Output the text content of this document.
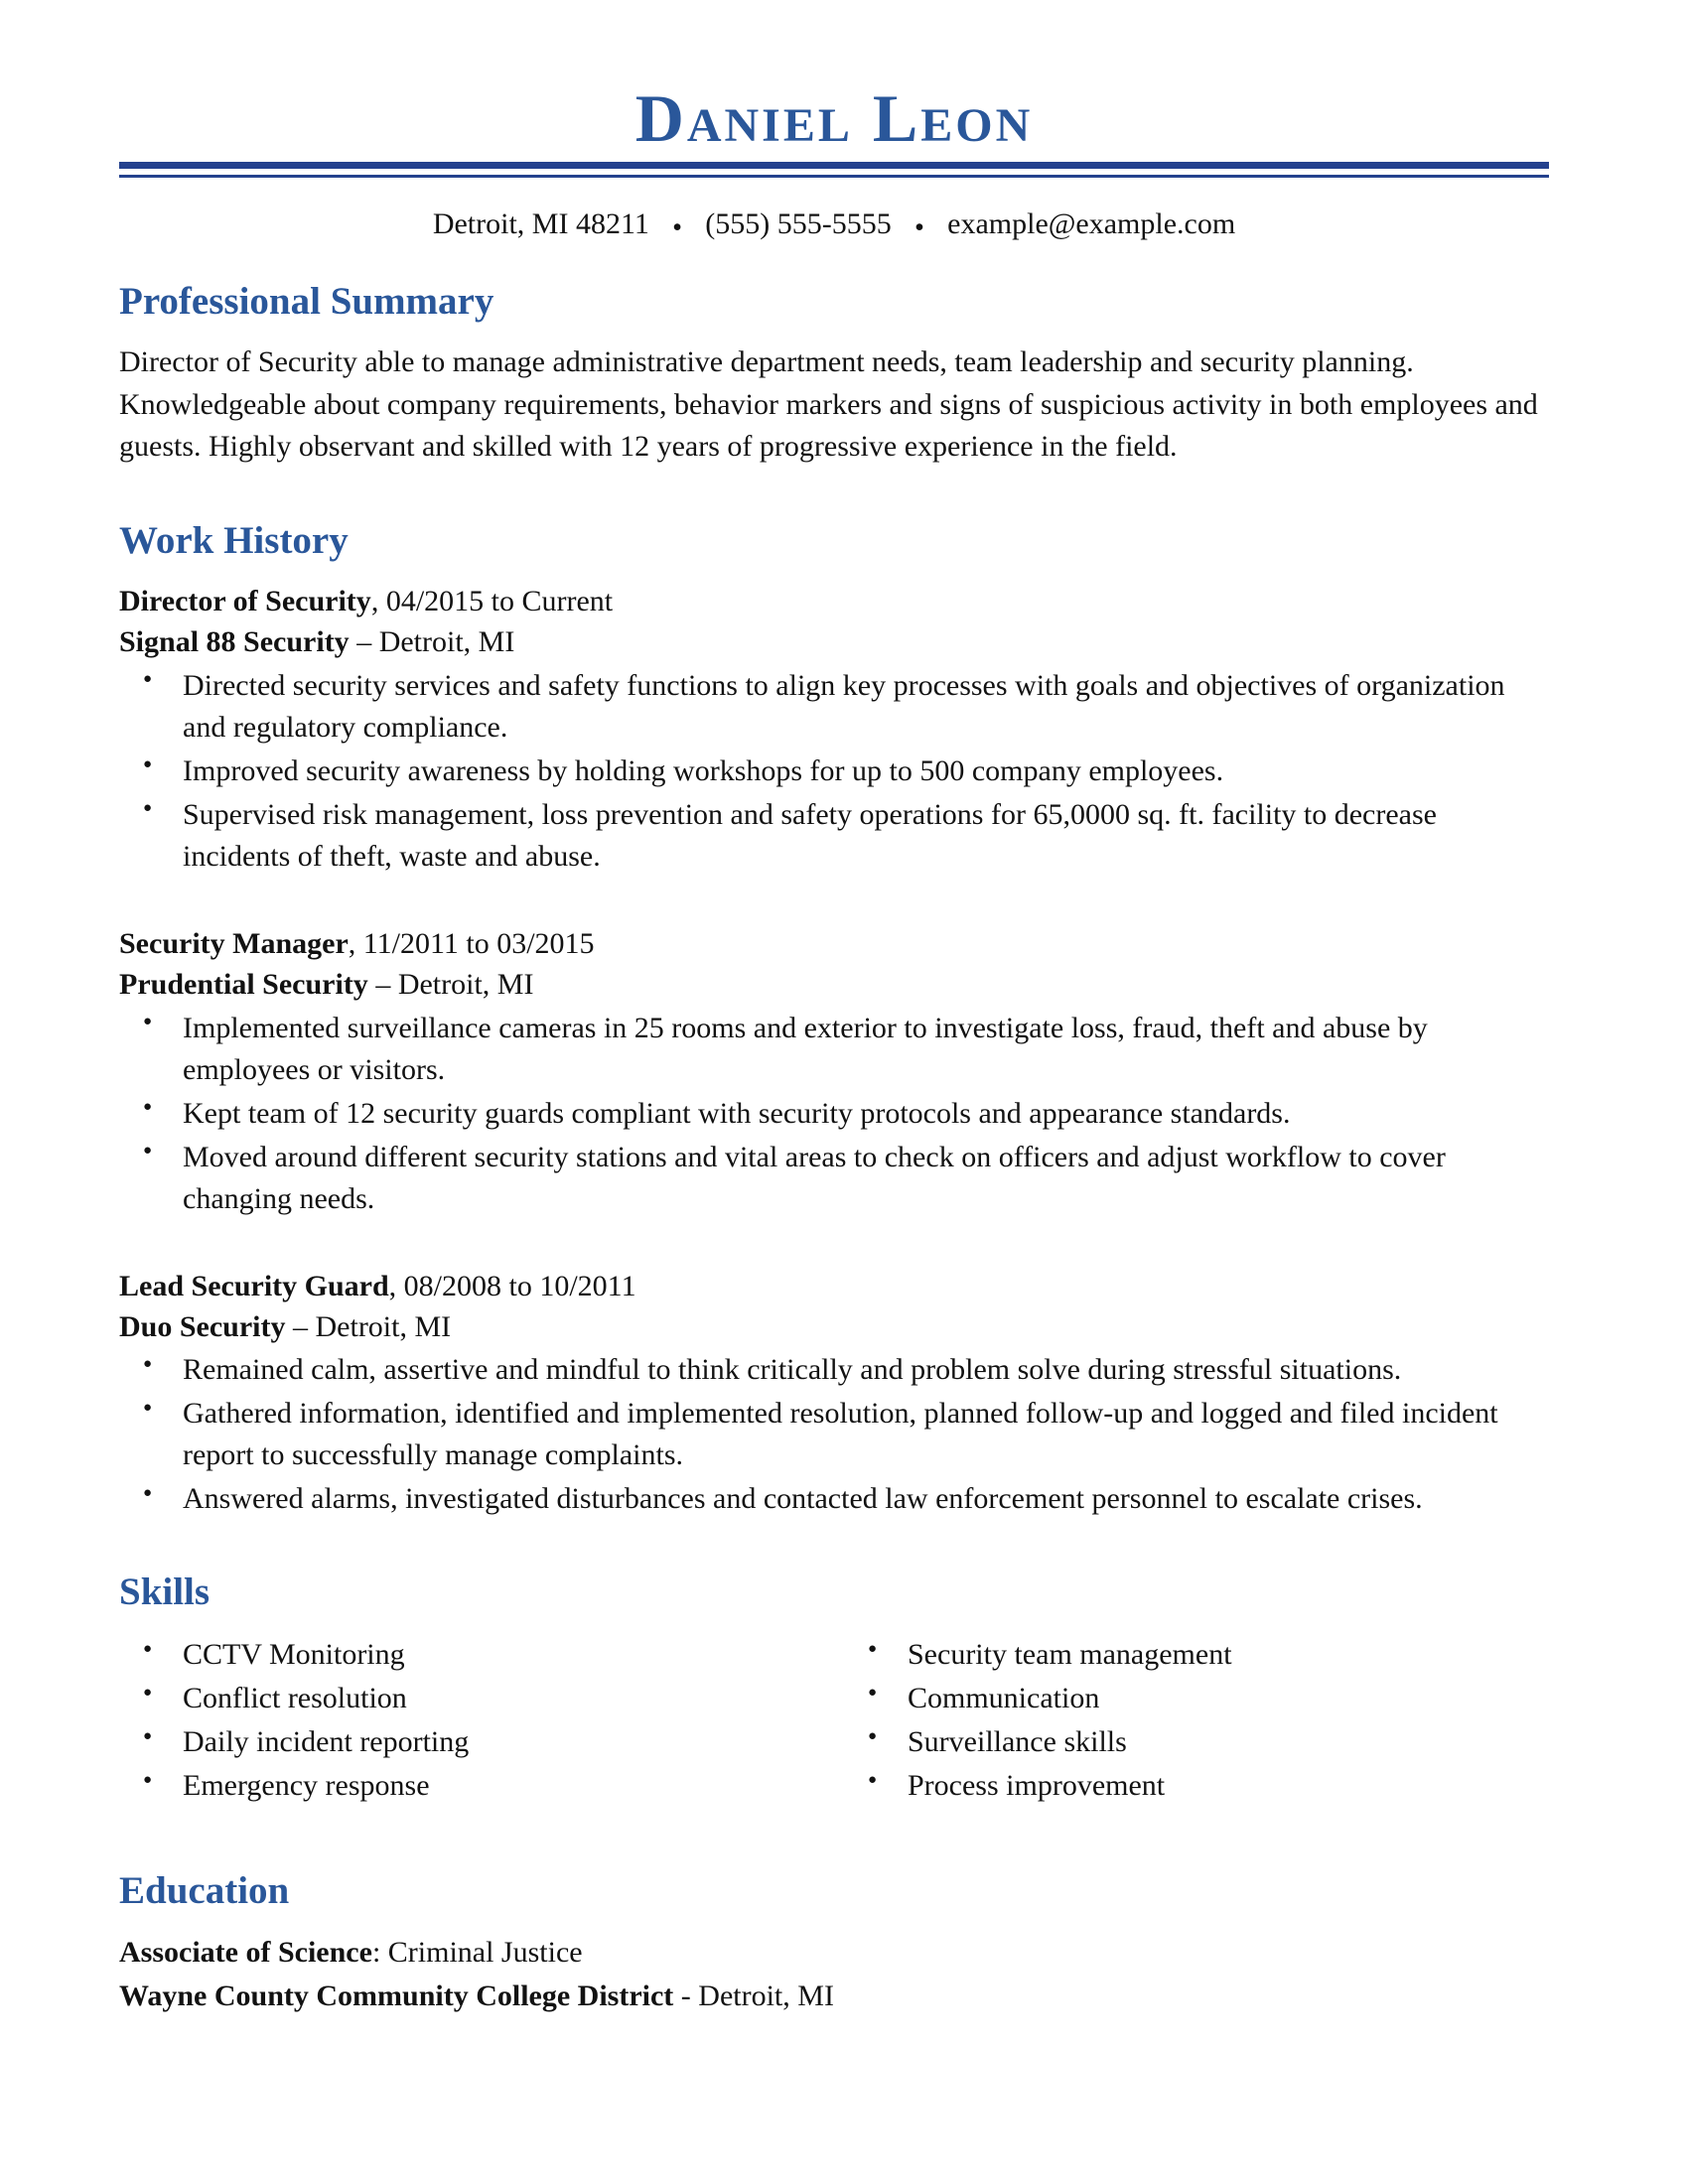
Daniel Leon

Detroit, MI 48211 ● (555) 555-5555 ● example@example.com

Professional Summary

Director of Security able to manage administrative department needs, team leadership and security planning. Knowledgeable about company requirements, behavior markers and signs of suspicious activity in both employees and guests. Highly observant and skilled with 12 years of progressive experience in the field.

Work History

Director of Security, 04/2015 to Current

Signal 88 Security – Detroit, MI

● Directed security services and safety functions to align key processes with goals and objectives of organization and regulatory compliance.
● Improved security awareness by holding workshops for up to 500 company employees.
● Supervised risk management, loss prevention and safety operations for 65,0000 sq. ft. facility to decrease incidents of theft, waste and abuse.

Security Manager, 11/2011 to 03/2015

Prudential Security – Detroit, MI

● Implemented surveillance cameras in 25 rooms and exterior to investigate loss, fraud, theft and abuse by employees or visitors.
● Kept team of 12 security guards compliant with security protocols and appearance standards.
● Moved around different security stations and vital areas to check on officers and adjust workflow to cover changing needs.

Lead Security Guard, 08/2008 to 10/2011

Duo Security – Detroit, MI

● Remained calm, assertive and mindful to think critically and problem solve during stressful situations.
● Gathered information, identified and implemented resolution, planned follow-up and logged and filed incident report to successfully manage complaints.
● Answered alarms, investigated disturbances and contacted law enforcement personnel to escalate crises.
Skills
● CCTV Monitoring
● Conflict resolution
● Daily incident reporting
● Emergency response
● Security team management
● Communication
● Surveillance skills
● Process improvement
Education

Associate of Science: Criminal Justice

Wayne County Community College District - Detroit, MI
